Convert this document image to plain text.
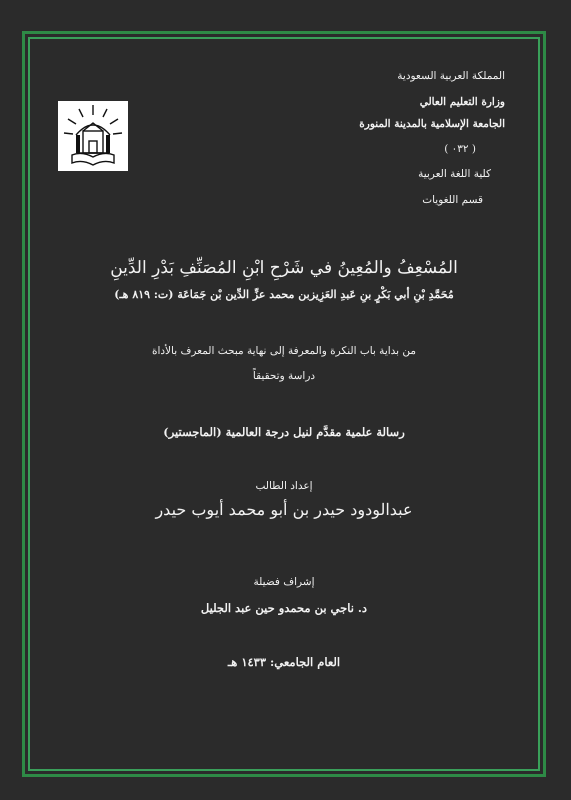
المملكة العربية السعودية
وزارة التعليم العالي
الجامعة الإسلامية بالمدينة المنورة
( ٠٣٢ )
كلية اللغة العربية
قسم اللغويات
المُسْعِفُ والمُعِينُ في شَرْحِ ابْنِ المُصَنِّفِ بَدْرِ الدِّينِ
مُحَمَّدِ بْنِ أبي بَكْرٍ بنِ عَبدِ العَزِيزبن محمد عزِّ الدِّين بْن جَمَاعَة (ت: ٨١٩ هـ)
من بداية باب النكرة والمعرفة إلى نهاية مبحث المعرف بالأداة
دراسة وتحقيقاً
رسالة علمية مقدَّم لنيل درجة العالمية (الماجستير)
إعداد الطالب
عبدالودود حيدر بن أبو محمد أيوب حيدر
إشراف فضيلة
د. ناجي بن محمدو حين عبد الجليل
العام الجامعي: ١٤٣٣ هـ
